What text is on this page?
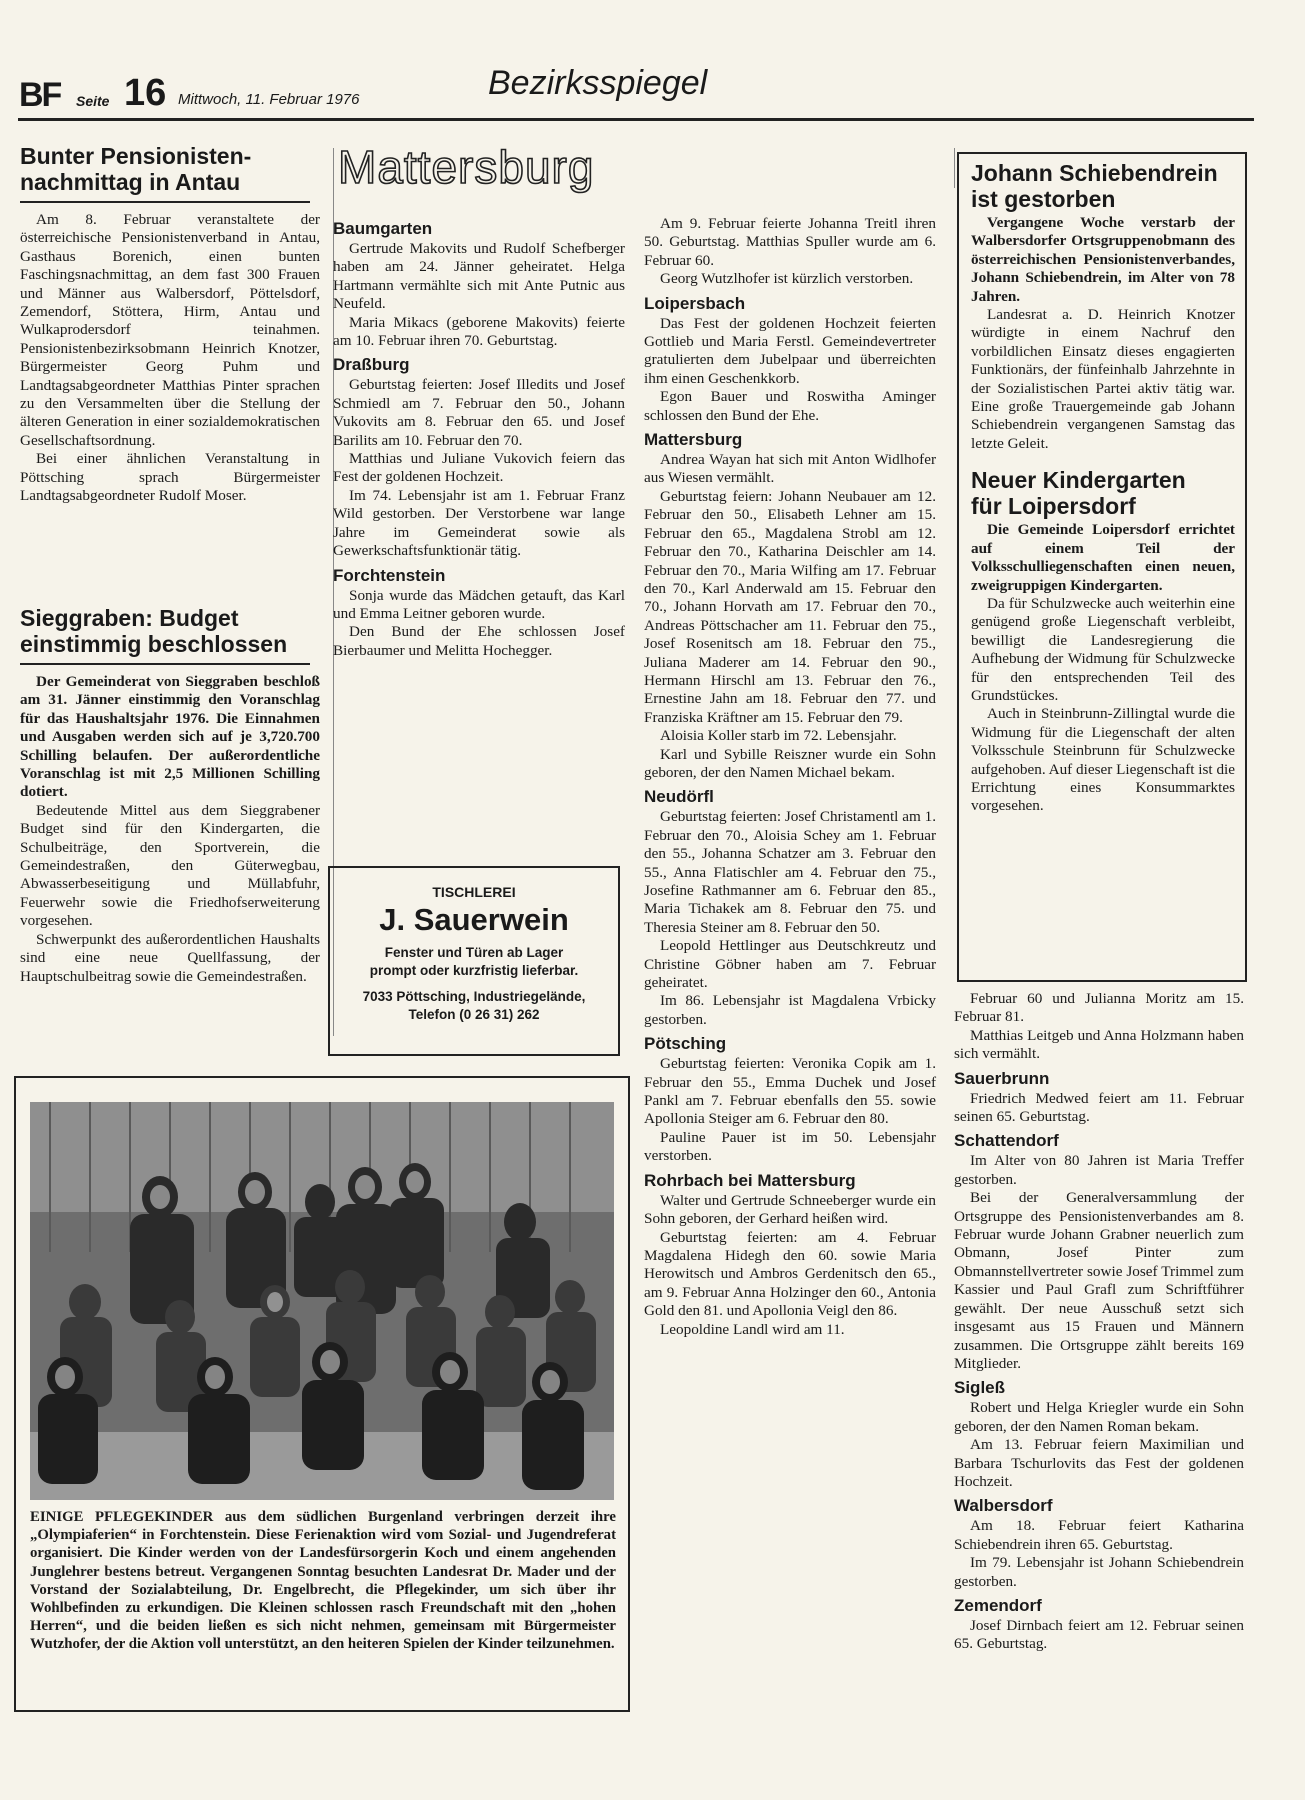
BF Seite 16 Mittwoch, 11. Februar 1976	Bezirksspiegel
Bunter Pensionisten-
nachmittag in Antau

Am 8. Februar veranstaltete der österreichische Pensionistenverband in Antau, Gasthaus Borenich, einen bunten Faschingsnachmittag, an dem fast 300 Frauen und Männer aus Walbersdorf, Pöttelsdorf, Zemendorf, Stöttera, Hirm, Antau und Wulkaprodersdorf teinahmen. Pensionistenbezirksobmann Heinrich Knotzer, Bürgermeister Georg Puhm und Landtagsabgeordneter Matthias Pinter sprachen zu den Versammelten über die Stellung der älteren Generation in einer sozialdemokratischen Gesellschaftsordnung.

Bei einer ähnlichen Veranstaltung in Pöttsching sprach Bürgermeister Landtagsabgeordneter Rudolf Moser.

Sieggraben: Budget
einstimmig beschlossen

Der Gemeinderat von Sieggraben beschloß am 31. Jänner einstimmig den Voranschlag für das Haushaltsjahr 1976. Die Einnahmen und Ausgaben werden sich auf je 3,720.700 Schilling belaufen. Der außerordentliche Voranschlag ist mit 2,5 Millionen Schilling dotiert.

Bedeutende Mittel aus dem Sieggrabener Budget sind für den Kindergarten, die Schulbeiträge, den Sportverein, die Gemeindestraßen, den Güterwegbau, Abwasserbeseitigung und Müllabfuhr, Feuerwehr sowie die Friedhofserweiterung vorgesehen.

Schwerpunkt des außerordentlichen Haushalts sind eine neue Quellfassung, der Hauptschulbeitrag sowie die Gemeindestraßen.

Mattersburg
Baumgarten

Gertrude Makovits und Rudolf Schefberger haben am 24. Jänner geheiratet. Helga Hartmann vermählte sich mit Ante Putnic aus Neufeld.

Maria Mikacs (geborene Makovits) feierte am 10. Februar ihren 70. Geburtstag.

Draßburg

Geburtstag feierten: Josef Illedits und Josef Schmiedl am 7. Februar den 50., Johann Vukovits am 8. Februar den 65. und Josef Barilits am 10. Februar den 70.

Matthias und Juliane Vukovich feiern das Fest der goldenen Hochzeit.

Im 74. Lebensjahr ist am 1. Februar Franz Wild gestorben. Der Verstorbene war lange Jahre im Gemeinderat sowie als Gewerkschaftsfunktionär tätig.

Forchtenstein

Sonja wurde das Mädchen getauft, das Karl und Emma Leitner geboren wurde.

Den Bund der Ehe schlossen Josef Bierbaumer und Melitta Hochegger.

TISCHLEREI
J. Sauerwein
Fenster und Türen ab Lager
prompt oder kurzfristig lieferbar.
7033 Pöttsching, Industriegelände,
Telefon (0 26 31) 262

Am 9. Februar feierte Johanna Treitl ihren 50. Geburtstag. Matthias Spuller wurde am 6. Februar 60.

Georg Wutzlhofer ist kürzlich verstorben.

Loipersbach

Das Fest der goldenen Hochzeit feierten Gottlieb und Maria Ferstl. Gemeindevertreter gratulierten dem Jubelpaar und überreichten ihm einen Geschenkkorb.

Egon Bauer und Roswitha Aminger schlossen den Bund der Ehe.

Mattersburg

Andrea Wayan hat sich mit Anton Widlhofer aus Wiesen vermählt.

Geburtstag feiern: Johann Neubauer am 12. Februar den 50., Elisabeth Lehner am 15. Februar den 65., Magdalena Strobl am 12. Februar den 70., Katharina Deischler am 14. Februar den 70., Maria Wilfing am 17. Februar den 70., Karl Anderwald am 15. Februar den 70., Johann Horvath am 17. Februar den 70., Andreas Pöttschacher am 11. Februar den 75., Josef Rosenitsch am 18. Februar den 75., Juliana Maderer am 14. Februar den 90., Hermann Hirschl am 13. Februar den 76., Ernestine Jahn am 18. Februar den 77. und Franziska Kräftner am 15. Februar den 79.

Aloisia Koller starb im 72. Lebensjahr.

Karl und Sybille Reiszner wurde ein Sohn geboren, der den Namen Michael bekam.

Neudörfl

Geburtstag feierten: Josef Christamentl am 1. Februar den 70., Aloisia Schey am 1. Februar den 55., Johanna Schatzer am 3. Februar den 55., Anna Flatischler am 4. Februar den 75., Josefine Rathmanner am 6. Februar den 85., Maria Tichakek am 8. Februar den 75. und Theresia Steiner am 8. Februar den 50.

Leopold Hettlinger aus Deutschkreutz und Christine Göbner haben am 7. Februar geheiratet.

Im 86. Lebensjahr ist Magdalena Vrbicky gestorben.

Pötsching

Geburtstag feierten: Veronika Copik am 1. Februar den 55., Emma Duchek und Josef Pankl am 7. Februar ebenfalls den 55. sowie Apollonia Steiger am 6. Februar den 80.

Pauline Pauer ist im 50. Lebensjahr verstorben.

Rohrbach bei Mattersburg

Walter und Gertrude Schneeberger wurde ein Sohn geboren, der Gerhard heißen wird.

Geburtstag feierten: am 4. Februar Magdalena Hidegh den 60. sowie Maria Herowitsch und Ambros Gerdenitsch den 65., am 9. Februar Anna Holzinger den 60., Antonia Gold den 81. und Apollonia Veigl den 86.

Leopoldine Landl wird am 11.

Johann Schiebendrein
ist gestorben

Vergangene Woche verstarb der Walbersdorfer Ortsgruppenobmann des österreichischen Pensionistenverbandes, Johann Schiebendrein, im Alter von 78 Jahren.

Landesrat a. D. Heinrich Knotzer würdigte in einem Nachruf den vorbildlichen Einsatz dieses engagierten Funktionärs, der fünfeinhalb Jahrzehnte in der Sozialistischen Partei aktiv tätig war. Eine große Trauergemeinde gab Johann Schiebendrein vergangenen Samstag das letzte Geleit.

Neuer Kindergarten
für Loipersdorf

Die Gemeinde Loipersdorf errichtet auf einem Teil der Volksschulliegenschaften einen neuen, zweigruppigen Kindergarten.

Da für Schulzwecke auch weiterhin eine genügend große Liegenschaft verbleibt, bewilligt die Landesregierung die Aufhebung der Widmung für Schulzwecke für den entsprechenden Teil des Grundstückes.

Auch in Steinbrunn-Zillingtal wurde die Widmung für die Liegenschaft der alten Volksschule Steinbrunn für Schulzwecke aufgehoben. Auf dieser Liegenschaft ist die Errichtung eines Konsummarktes vorgesehen.

Februar 60 und Julianna Moritz am 15. Februar 81.

Matthias Leitgeb und Anna Holzmann haben sich vermählt.

Sauerbrunn

Friedrich Medwed feiert am 11. Februar seinen 65. Geburtstag.

Schattendorf

Im Alter von 80 Jahren ist Maria Treffer gestorben.

Bei der Generalversammlung der Ortsgruppe des Pensionistenverbandes am 8. Februar wurde Johann Grabner neuerlich zum Obmann, Josef Pinter zum Obmannstellvertreter sowie Josef Trimmel zum Kassier und Paul Grafl zum Schriftführer gewählt. Der neue Ausschuß setzt sich insgesamt aus 15 Frauen und Männern zusammen. Die Ortsgruppe zählt bereits 169 Mitglieder.

Sigleß

Robert und Helga Kriegler wurde ein Sohn geboren, der den Namen Roman bekam.

Am 13. Februar feiern Maximilian und Barbara Tschurlovits das Fest der goldenen Hochzeit.

Walbersdorf

Am 18. Februar feiert Katharina Schiebendrein ihren 65. Geburtstag.

Im 79. Lebensjahr ist Johann Schiebendrein gestorben.

Zemendorf

Josef Dirnbach feiert am 12. Februar seinen 65. Geburtstag.

EINIGE PFLEGEKINDER aus dem südlichen Burgenland verbringen derzeit ihre „Olympiaferien“ in Forchtenstein. Diese Ferienaktion wird vom Sozial- und Jugendreferat organisiert. Die Kinder werden von der Landesfürsorgerin Koch und einem angehenden Junglehrer bestens betreut. Vergangenen Sonntag besuchten Landesrat Dr. Mader und der Vorstand der Sozialabteilung, Dr. Engelbrecht, die Pflegekinder, um sich über ihr Wohlbefinden zu erkundigen. Die Kleinen schlossen rasch Freundschaft mit den „hohen Herren“, und die beiden ließen es sich nicht nehmen, gemeinsam mit Bürgermeister Wutzhofer, der die Aktion voll unterstützt, an den heiteren Spielen der Kinder teilzunehmen.
